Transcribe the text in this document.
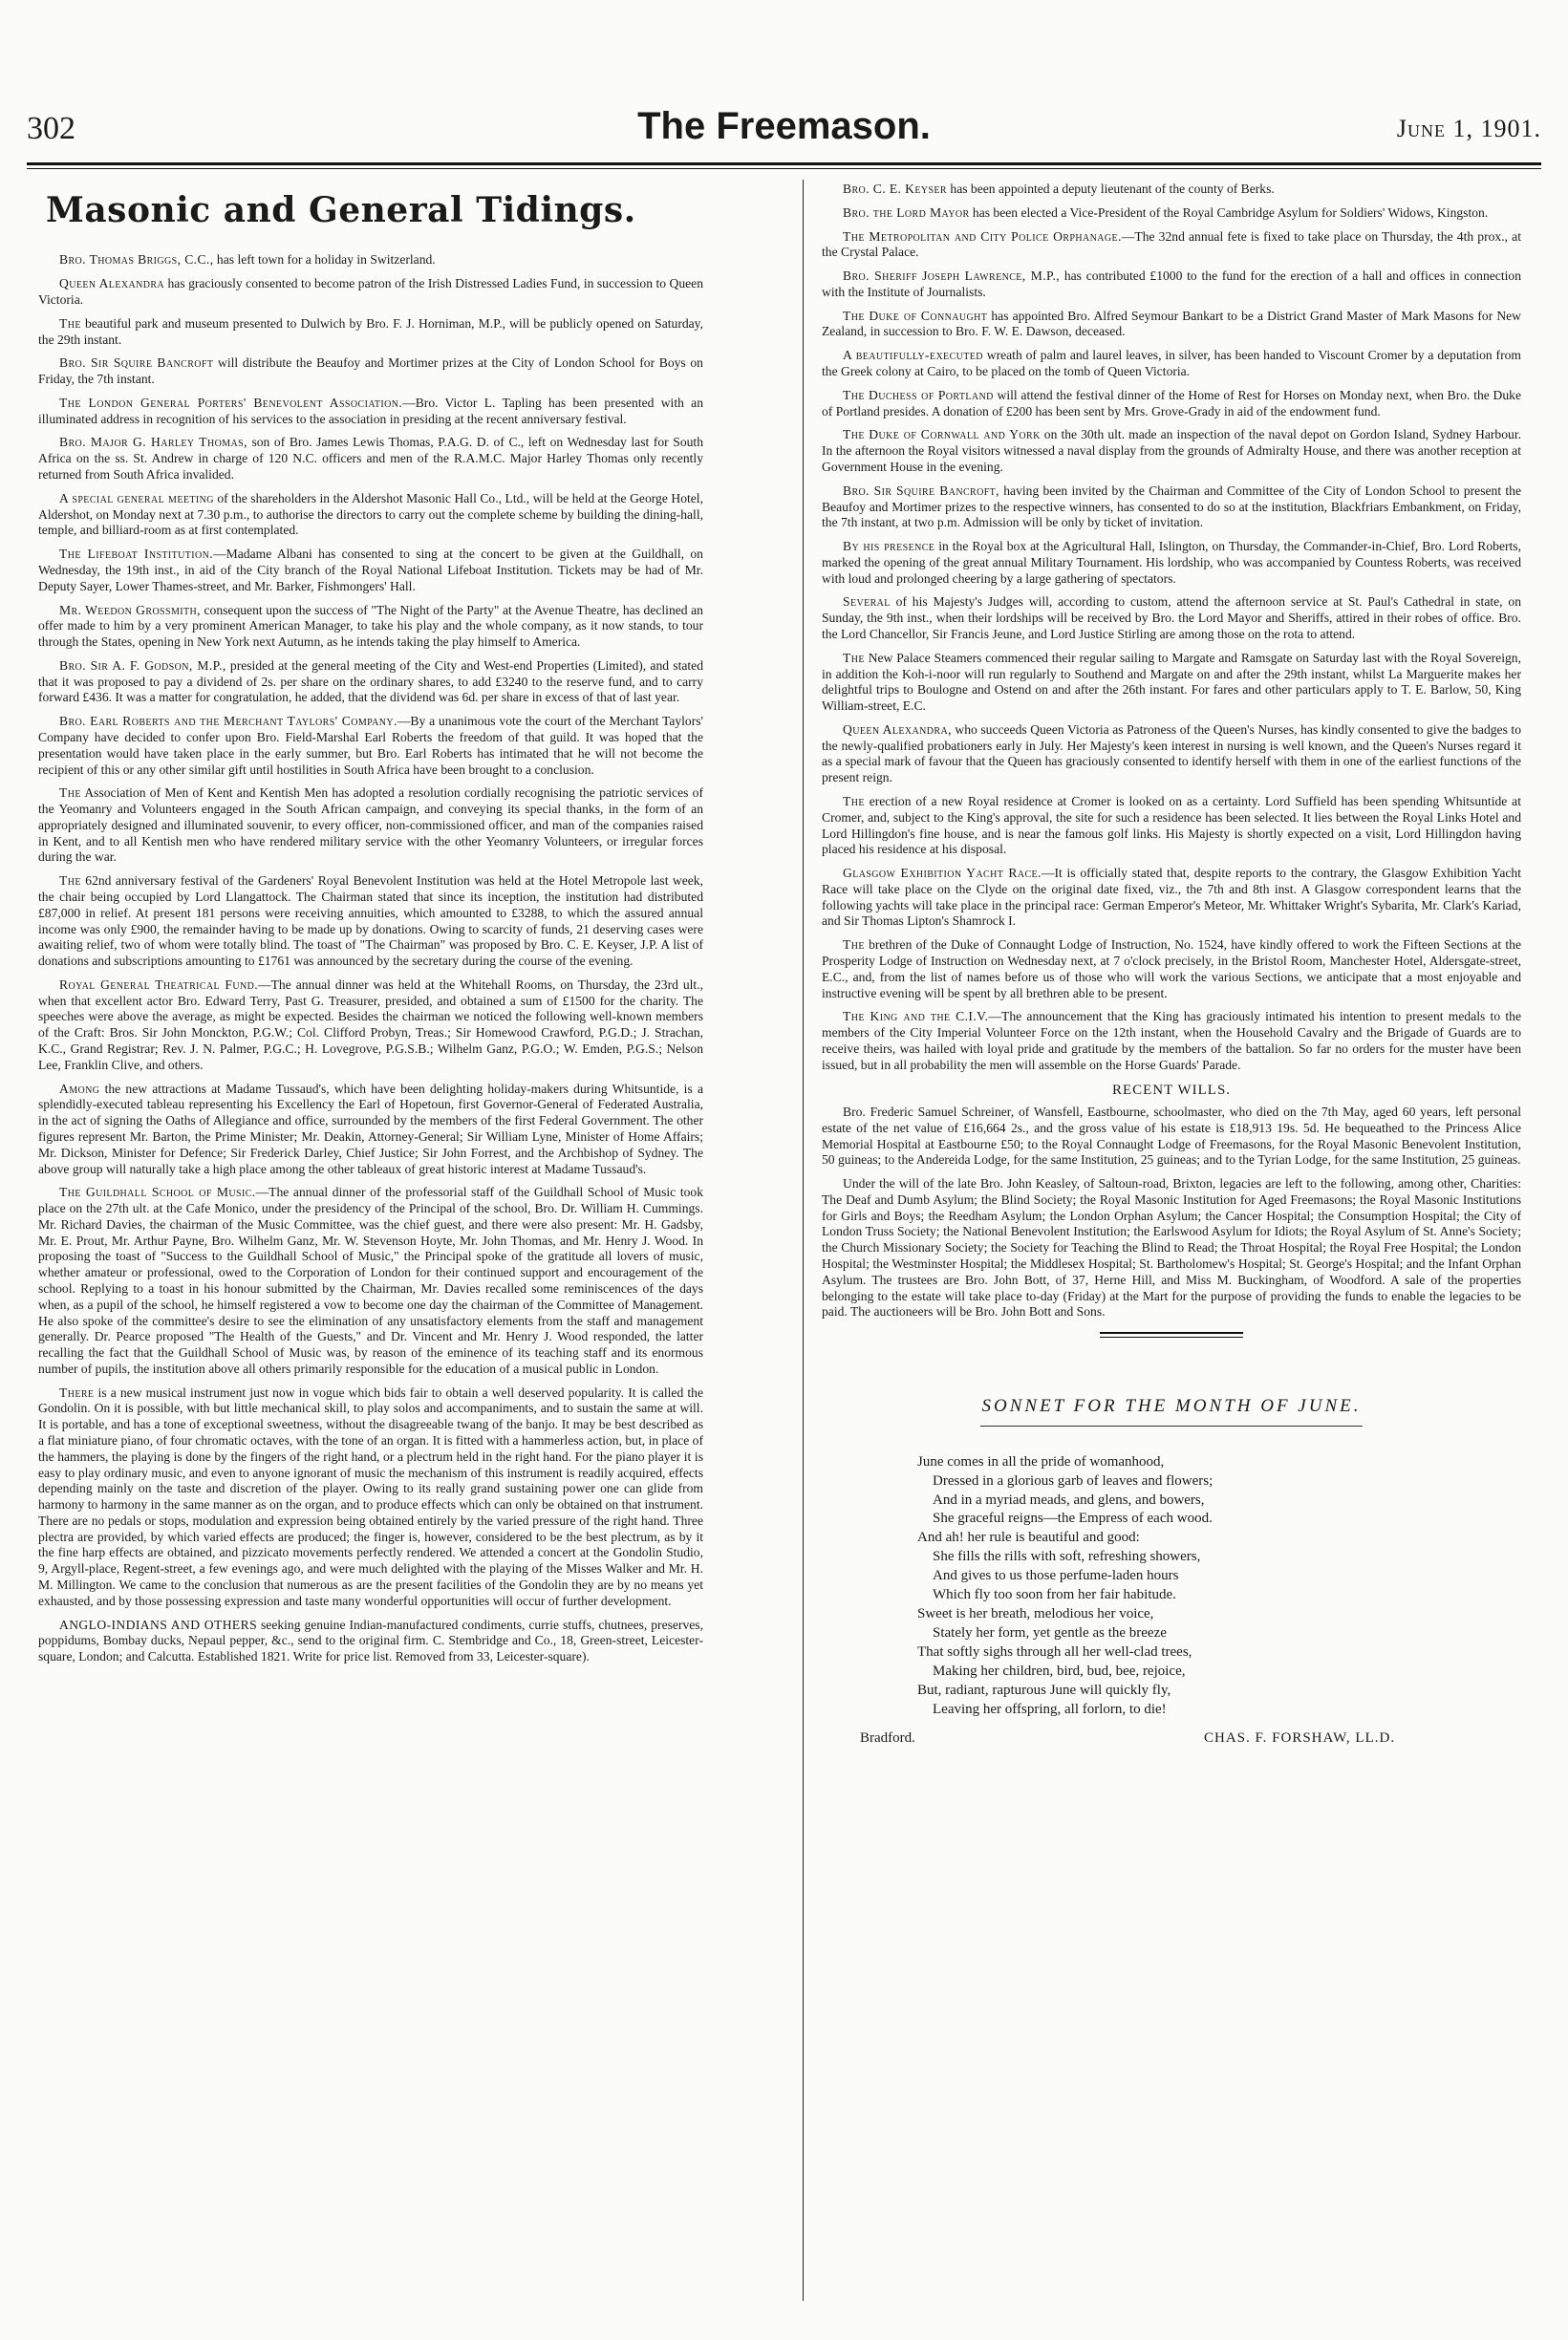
302	The Freemason.	June 1, 1901.
Masonic and General Tidings.

Bro. Thomas Briggs, C.C., has left town for a holiday in Switzerland.

Queen Alexandra has graciously consented to become patron of the Irish Distressed Ladies Fund, in succession to Queen Victoria.

The beautiful park and museum presented to Dulwich by Bro. F. J. Horniman, M.P., will be publicly opened on Saturday, the 29th instant.

Bro. Sir Squire Bancroft will distribute the Beaufoy and Mortimer prizes at the City of London School for Boys on Friday, the 7th instant.

The London General Porters' Benevolent Association.—Bro. Victor L. Tapling has been presented with an illuminated address in recognition of his services to the association in presiding at the recent anniversary festival.

Bro. Major G. Harley Thomas, son of Bro. James Lewis Thomas, P.A.G. D. of C., left on Wednesday last for South Africa on the ss. St. Andrew in charge of 120 N.C. officers and men of the R.A.M.C. Major Harley Thomas only recently returned from South Africa invalided.

A special general meeting of the shareholders in the Aldershot Masonic Hall Co., Ltd., will be held at the George Hotel, Aldershot, on Monday next at 7.30 p.m., to authorise the directors to carry out the complete scheme by building the dining-hall, temple, and billiard-room as at first contemplated.

The Lifeboat Institution.—Madame Albani has consented to sing at the concert to be given at the Guildhall, on Wednesday, the 19th inst., in aid of the City branch of the Royal National Lifeboat Institution. Tickets may be had of Mr. Deputy Sayer, Lower Thames-street, and Mr. Barker, Fishmongers' Hall.

Mr. Weedon Grossmith, consequent upon the success of "The Night of the Party" at the Avenue Theatre, has declined an offer made to him by a very prominent American Manager, to take his play and the whole company, as it now stands, to tour through the States, opening in New York next Autumn, as he intends taking the play himself to America.

Bro. Sir A. F. Godson, M.P., presided at the general meeting of the City and West-end Properties (Limited), and stated that it was proposed to pay a dividend of 2s. per share on the ordinary shares, to add £3240 to the reserve fund, and to carry forward £436. It was a matter for congratulation, he added, that the dividend was 6d. per share in excess of that of last year.

Bro. Earl Roberts and the Merchant Taylors' Company.—By a unanimous vote the court of the Merchant Taylors' Company have decided to confer upon Bro. Field-Marshal Earl Roberts the freedom of that guild. It was hoped that the presentation would have taken place in the early summer, but Bro. Earl Roberts has intimated that he will not become the recipient of this or any other similar gift until hostilities in South Africa have been brought to a conclusion.

The Association of Men of Kent and Kentish Men has adopted a resolution cordially recognising the patriotic services of the Yeomanry and Volunteers engaged in the South African campaign, and conveying its special thanks, in the form of an appropriately designed and illuminated souvenir, to every officer, non-commissioned officer, and man of the companies raised in Kent, and to all Kentish men who have rendered military service with the other Yeomanry Volunteers, or irregular forces during the war.

The 62nd anniversary festival of the Gardeners' Royal Benevolent Institution was held at the Hotel Metropole last week, the chair being occupied by Lord Llangattock. The Chairman stated that since its inception, the institution had distributed £87,000 in relief. At present 181 persons were receiving annuities, which amounted to £3288, to which the assured annual income was only £900, the remainder having to be made up by donations. Owing to scarcity of funds, 21 deserving cases were awaiting relief, two of whom were totally blind. The toast of "The Chairman" was proposed by Bro. C. E. Keyser, J.P. A list of donations and subscriptions amounting to £1761 was announced by the secretary during the course of the evening.

Royal General Theatrical Fund.—The annual dinner was held at the Whitehall Rooms, on Thursday, the 23rd ult., when that excellent actor Bro. Edward Terry, Past G. Treasurer, presided, and obtained a sum of £1500 for the charity. The speeches were above the average, as might be expected. Besides the chairman we noticed the following well-known members of the Craft: Bros. Sir John Monckton, P.G.W.; Col. Clifford Probyn, Treas.; Sir Homewood Crawford, P.G.D.; J. Strachan, K.C., Grand Registrar; Rev. J. N. Palmer, P.G.C.; H. Lovegrove, P.G.S.B.; Wilhelm Ganz, P.G.O.; W. Emden, P.G.S.; Nelson Lee, Franklin Clive, and others.

Among the new attractions at Madame Tussaud's, which have been delighting holiday-makers during Whitsuntide, is a splendidly-executed tableau representing his Excellency the Earl of Hopetoun, first Governor-General of Federated Australia, in the act of signing the Oaths of Allegiance and office, surrounded by the members of the first Federal Government. The other figures represent Mr. Barton, the Prime Minister; Mr. Deakin, Attorney-General; Sir William Lyne, Minister of Home Affairs; Mr. Dickson, Minister for Defence; Sir Frederick Darley, Chief Justice; Sir John Forrest, and the Archbishop of Sydney. The above group will naturally take a high place among the other tableaux of great historic interest at Madame Tussaud's.

The Guildhall School of Music.—The annual dinner of the professorial staff of the Guildhall School of Music took place on the 27th ult. at the Cafe Monico, under the presidency of the Principal of the school, Bro. Dr. William H. Cummings. Mr. Richard Davies, the chairman of the Music Committee, was the chief guest, and there were also present: Mr. H. Gadsby, Mr. E. Prout, Mr. Arthur Payne, Bro. Wilhelm Ganz, Mr. W. Stevenson Hoyte, Mr. John Thomas, and Mr. Henry J. Wood. In proposing the toast of "Success to the Guildhall School of Music," the Principal spoke of the gratitude all lovers of music, whether amateur or professional, owed to the Corporation of London for their continued support and encouragement of the school. Replying to a toast in his honour submitted by the Chairman, Mr. Davies recalled some reminiscences of the days when, as a pupil of the school, he himself registered a vow to become one day the chairman of the Committee of Management. He also spoke of the committee's desire to see the elimination of any unsatisfactory elements from the staff and management generally. Dr. Pearce proposed "The Health of the Guests," and Dr. Vincent and Mr. Henry J. Wood responded, the latter recalling the fact that the Guildhall School of Music was, by reason of the eminence of its teaching staff and its enormous number of pupils, the institution above all others primarily responsible for the education of a musical public in London.

There is a new musical instrument just now in vogue which bids fair to obtain a well deserved popularity. It is called the Gondolin. On it is possible, with but little mechanical skill, to play solos and accompaniments, and to sustain the same at will. It is portable, and has a tone of exceptional sweetness, without the disagreeable twang of the banjo. It may be best described as a flat miniature piano, of four chromatic octaves, with the tone of an organ. It is fitted with a hammerless action, but, in place of the hammers, the playing is done by the fingers of the right hand, or a plectrum held in the right hand. For the piano player it is easy to play ordinary music, and even to anyone ignorant of music the mechanism of this instrument is readily acquired, effects depending mainly on the taste and discretion of the player. Owing to its really grand sustaining power one can glide from harmony to harmony in the same manner as on the organ, and to produce effects which can only be obtained on that instrument. There are no pedals or stops, modulation and expression being obtained entirely by the varied pressure of the right hand. Three plectra are provided, by which varied effects are produced; the finger is, however, considered to be the best plectrum, as by it the fine harp effects are obtained, and pizzicato movements perfectly rendered. We attended a concert at the Gondolin Studio, 9, Argyll-place, Regent-street, a few evenings ago, and were much delighted with the playing of the Misses Walker and Mr. H. M. Millington. We came to the conclusion that numerous as are the present facilities of the Gondolin they are by no means yet exhausted, and by those possessing expression and taste many wonderful opportunities will occur of further development.

ANGLO-INDIANS AND OTHERS seeking genuine Indian-manufactured condiments, currie stuffs, chutnees, preserves, poppidums, Bombay ducks, Nepaul pepper, &c., send to the original firm. C. Stembridge and Co., 18, Green-street, Leicester-square, London; and Calcutta. Established 1821. Write for price list. Removed from 33, Leicester-square).

Bro. C. E. Keyser has been appointed a deputy lieutenant of the county of Berks.

Bro. the Lord Mayor has been elected a Vice-President of the Royal Cambridge Asylum for Soldiers' Widows, Kingston.

The Metropolitan and City Police Orphanage.—The 32nd annual fete is fixed to take place on Thursday, the 4th prox., at the Crystal Palace.

Bro. Sheriff Joseph Lawrence, M.P., has contributed £1000 to the fund for the erection of a hall and offices in connection with the Institute of Journalists.

The Duke of Connaught has appointed Bro. Alfred Seymour Bankart to be a District Grand Master of Mark Masons for New Zealand, in succession to Bro. F. W. E. Dawson, deceased.

A beautifully-executed wreath of palm and laurel leaves, in silver, has been handed to Viscount Cromer by a deputation from the Greek colony at Cairo, to be placed on the tomb of Queen Victoria.

The Duchess of Portland will attend the festival dinner of the Home of Rest for Horses on Monday next, when Bro. the Duke of Portland presides. A donation of £200 has been sent by Mrs. Grove-Grady in aid of the endowment fund.

The Duke of Cornwall and York on the 30th ult. made an inspection of the naval depot on Gordon Island, Sydney Harbour. In the afternoon the Royal visitors witnessed a naval display from the grounds of Admiralty House, and there was another reception at Government House in the evening.

Bro. Sir Squire Bancroft, having been invited by the Chairman and Committee of the City of London School to present the Beaufoy and Mortimer prizes to the respective winners, has consented to do so at the institution, Blackfriars Embankment, on Friday, the 7th instant, at two p.m. Admission will be only by ticket of invitation.

By his presence in the Royal box at the Agricultural Hall, Islington, on Thursday, the Commander-in-Chief, Bro. Lord Roberts, marked the opening of the great annual Military Tournament. His lordship, who was accompanied by Countess Roberts, was received with loud and prolonged cheering by a large gathering of spectators.

Several of his Majesty's Judges will, according to custom, attend the afternoon service at St. Paul's Cathedral in state, on Sunday, the 9th inst., when their lordships will be received by Bro. the Lord Mayor and Sheriffs, attired in their robes of office. Bro. the Lord Chancellor, Sir Francis Jeune, and Lord Justice Stirling are among those on the rota to attend.

The New Palace Steamers commenced their regular sailing to Margate and Ramsgate on Saturday last with the Royal Sovereign, in addition the Koh-i-noor will run regularly to Southend and Margate on and after the 29th instant, whilst La Marguerite makes her delightful trips to Boulogne and Ostend on and after the 26th instant. For fares and other particulars apply to T. E. Barlow, 50, King William-street, E.C.

Queen Alexandra, who succeeds Queen Victoria as Patroness of the Queen's Nurses, has kindly consented to give the badges to the newly-qualified probationers early in July. Her Majesty's keen interest in nursing is well known, and the Queen's Nurses regard it as a special mark of favour that the Queen has graciously consented to identify herself with them in one of the earliest functions of the present reign.

The erection of a new Royal residence at Cromer is looked on as a certainty. Lord Suffield has been spending Whitsuntide at Cromer, and, subject to the King's approval, the site for such a residence has been selected. It lies between the Royal Links Hotel and Lord Hillingdon's fine house, and is near the famous golf links. His Majesty is shortly expected on a visit, Lord Hillingdon having placed his residence at his disposal.

Glasgow Exhibition Yacht Race.—It is officially stated that, despite reports to the contrary, the Glasgow Exhibition Yacht Race will take place on the Clyde on the original date fixed, viz., the 7th and 8th inst. A Glasgow correspondent learns that the following yachts will take place in the principal race: German Emperor's Meteor, Mr. Whittaker Wright's Sybarita, Mr. Clark's Kariad, and Sir Thomas Lipton's Shamrock I.

The brethren of the Duke of Connaught Lodge of Instruction, No. 1524, have kindly offered to work the Fifteen Sections at the Prosperity Lodge of Instruction on Wednesday next, at 7 o'clock precisely, in the Bristol Room, Manchester Hotel, Aldersgate-street, E.C., and, from the list of names before us of those who will work the various Sections, we anticipate that a most enjoyable and instructive evening will be spent by all brethren able to be present.

The King and the C.I.V.—The announcement that the King has graciously intimated his intention to present medals to the members of the City Imperial Volunteer Force on the 12th instant, when the Household Cavalry and the Brigade of Guards are to receive theirs, was hailed with loyal pride and gratitude by the members of the battalion. So far no orders for the muster have been issued, but in all probability the men will assemble on the Horse Guards' Parade.

RECENT WILLS.

Bro. Frederic Samuel Schreiner, of Wansfell, Eastbourne, schoolmaster, who died on the 7th May, aged 60 years, left personal estate of the net value of £16,664 2s., and the gross value of his estate is £18,913 19s. 5d. He bequeathed to the Princess Alice Memorial Hospital at Eastbourne £50; to the Royal Connaught Lodge of Freemasons, for the Royal Masonic Benevolent Institution, 50 guineas; to the Andereida Lodge, for the same Institution, 25 guineas; and to the Tyrian Lodge, for the same Institution, 25 guineas.

Under the will of the late Bro. John Keasley, of Saltoun-road, Brixton, legacies are left to the following, among other, Charities: The Deaf and Dumb Asylum; the Blind Society; the Royal Masonic Institution for Aged Freemasons; the Royal Masonic Institutions for Girls and Boys; the Reedham Asylum; the London Orphan Asylum; the Cancer Hospital; the Consumption Hospital; the City of London Truss Society; the National Benevolent Institution; the Earlswood Asylum for Idiots; the Royal Asylum of St. Anne's Society; the Church Missionary Society; the Society for Teaching the Blind to Read; the Throat Hospital; the Royal Free Hospital; the London Hospital; the Westminster Hospital; the Middlesex Hospital; St. Bartholomew's Hospital; St. George's Hospital; and the Infant Orphan Asylum. The trustees are Bro. John Bott, of 37, Herne Hill, and Miss M. Buckingham, of Woodford. A sale of the properties belonging to the estate will take place to-day (Friday) at the Mart for the purpose of providing the funds to enable the legacies to be paid. The auctioneers will be Bro. John Bott and Sons.

SONNET FOR THE MONTH OF JUNE.
June comes in all the pride of womanhood,
Dressed in a glorious garb of leaves and flowers;
And in a myriad meads, and glens, and bowers,
She graceful reigns—the Empress of each wood.
And ah! her rule is beautiful and good:
She fills the rills with soft, refreshing showers,
And gives to us those perfume-laden hours
Which fly too soon from her fair habitude.
Sweet is her breath, melodious her voice,
Stately her form, yet gentle as the breeze
That softly sighs through all her well-clad trees,
Making her children, bird, bud, bee, rejoice,
But, radiant, rapturous June will quickly fly,
Leaving her offspring, all forlorn, to die!
Bradford.	CHAS. F. FORSHAW, LL.D.
